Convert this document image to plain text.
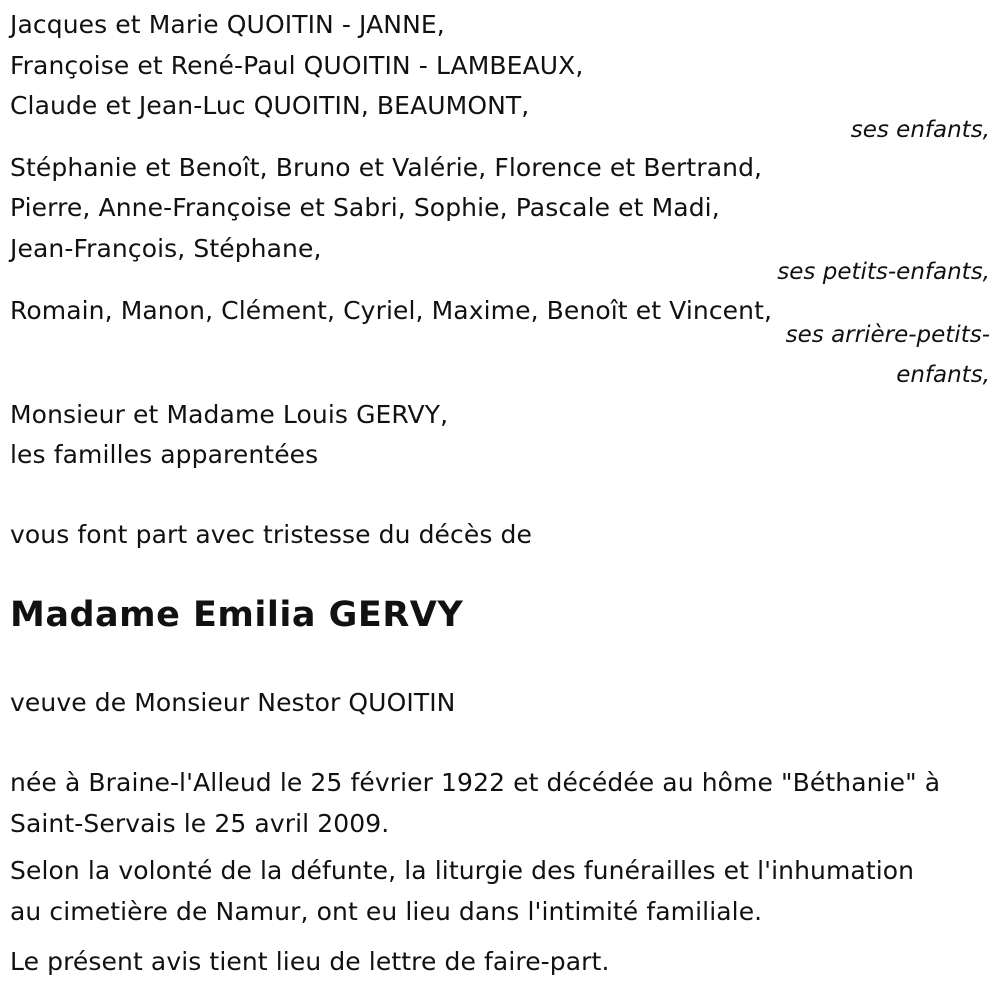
Jacques et Marie QUOITIN - JANNE,
Françoise et René-Paul QUOITIN - LAMBEAUX,
Claude et Jean-Luc QUOITIN, BEAUMONT,
ses enfants,
Stéphanie et Benoît, Bruno et Valérie, Florence et Bertrand,
Pierre, Anne-Françoise et Sabri, Sophie, Pascale et Madi,
Jean-François, Stéphane,
ses petits-enfants,
Romain, Manon, Clément, Cyriel, Maxime, Benoît et Vincent,
ses arrière-petits-
enfants,
Monsieur et Madame Louis GERVY,
les familles apparentées
vous font part avec tristesse du décès de
Madame Emilia GERVY
veuve de Monsieur Nestor QUOITIN
née à Braine-l'Alleud le 25 février 1922 et décédée au hôme "Béthanie" à
Saint-Servais le 25 avril 2009.
Selon la volonté de la défunte, la liturgie des funérailles et l'inhumation
au cimetière de Namur, ont eu lieu dans l'intimité familiale.
Le présent avis tient lieu de lettre de faire-part.
